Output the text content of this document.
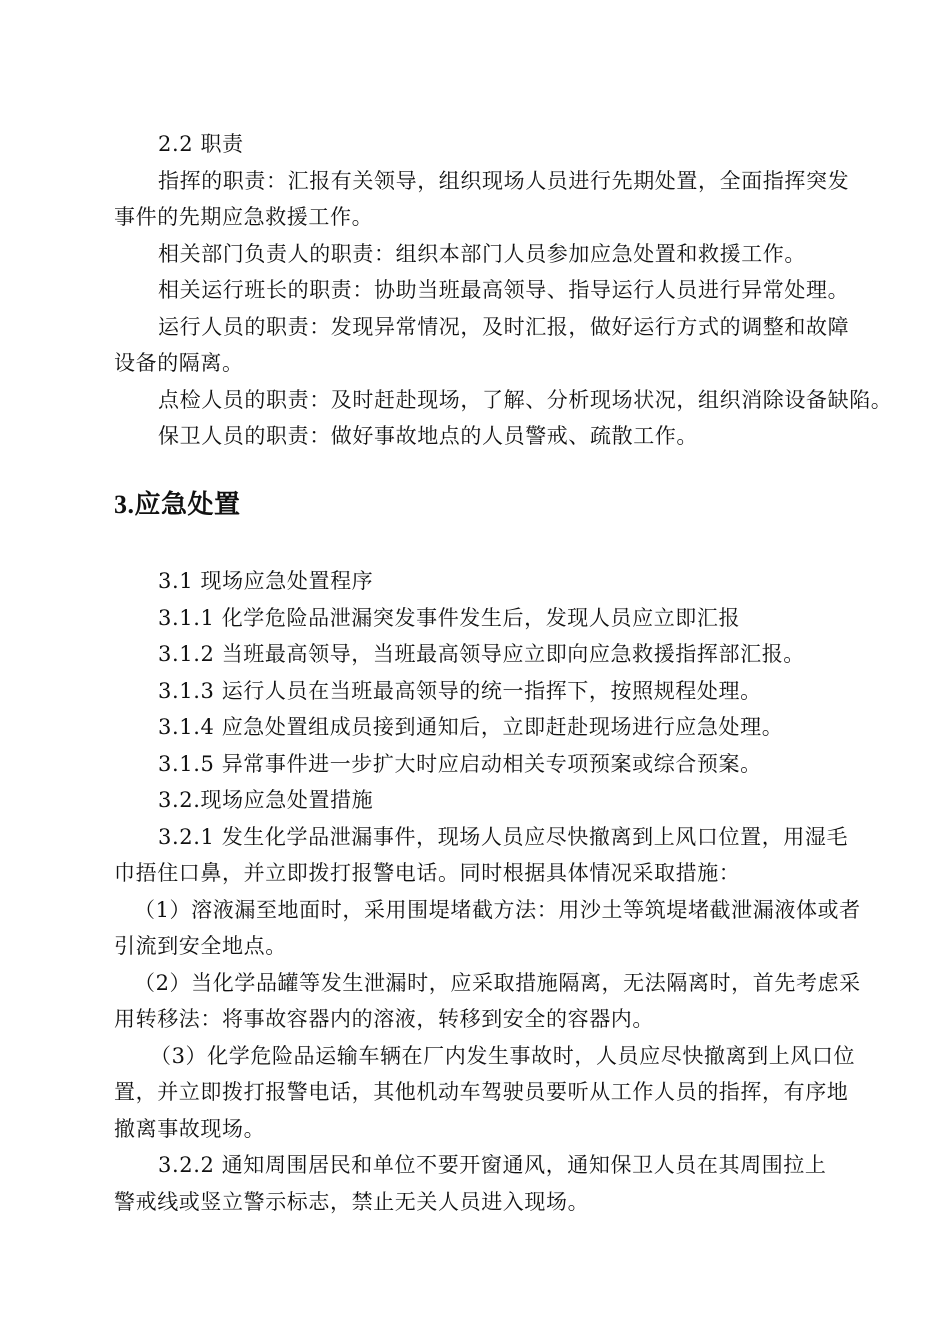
2.2 职责

指挥的职责：汇报有关领导，组织现场人员进行先期处置，全面指挥突发

事件的先期应急救援工作。

相关部门负责人的职责：组织本部门人员参加应急处置和救援工作。

相关运行班长的职责：协助当班最高领导、指导运行人员进行异常处理。

运行人员的职责：发现异常情况，及时汇报，做好运行方式的调整和故障

设备的隔离。

点检人员的职责：及时赶赴现场，了解、分析现场状况，组织消除设备缺陷。

保卫人员的职责：做好事故地点的人员警戒、疏散工作。

3.应急处置

3.1 现场应急处置程序

3.1.1 化学危险品泄漏突发事件发生后，发现人员应立即汇报

3.1.2 当班最高领导，当班最高领导应立即向应急救援指挥部汇报。

3.1.3 运行人员在当班最高领导的统一指挥下，按照规程处理。

3.1.4 应急处置组成员接到通知后，立即赶赴现场进行应急处理。

3.1.5 异常事件进一步扩大时应启动相关专项预案或综合预案。

3.2.现场应急处置措施

3.2.1 发生化学品泄漏事件，现场人员应尽快撤离到上风口位置，用湿毛

巾捂住口鼻，并立即拨打报警电话。同时根据具体情况采取措施：

（1）溶液漏至地面时，采用围堤堵截方法：用沙土等筑堤堵截泄漏液体或者

引流到安全地点。

（2）当化学品罐等发生泄漏时，应采取措施隔离，无法隔离时，首先考虑采

用转移法：将事故容器内的溶液，转移到安全的容器内。

（3）化学危险品运输车辆在厂内发生事故时，人员应尽快撤离到上风口位

置，并立即拨打报警电话，其他机动车驾驶员要听从工作人员的指挥，有序地

撤离事故现场。

3.2.2 通知周围居民和单位不要开窗通风，通知保卫人员在其周围拉上

警戒线或竖立警示标志，禁止无关人员进入现场。
